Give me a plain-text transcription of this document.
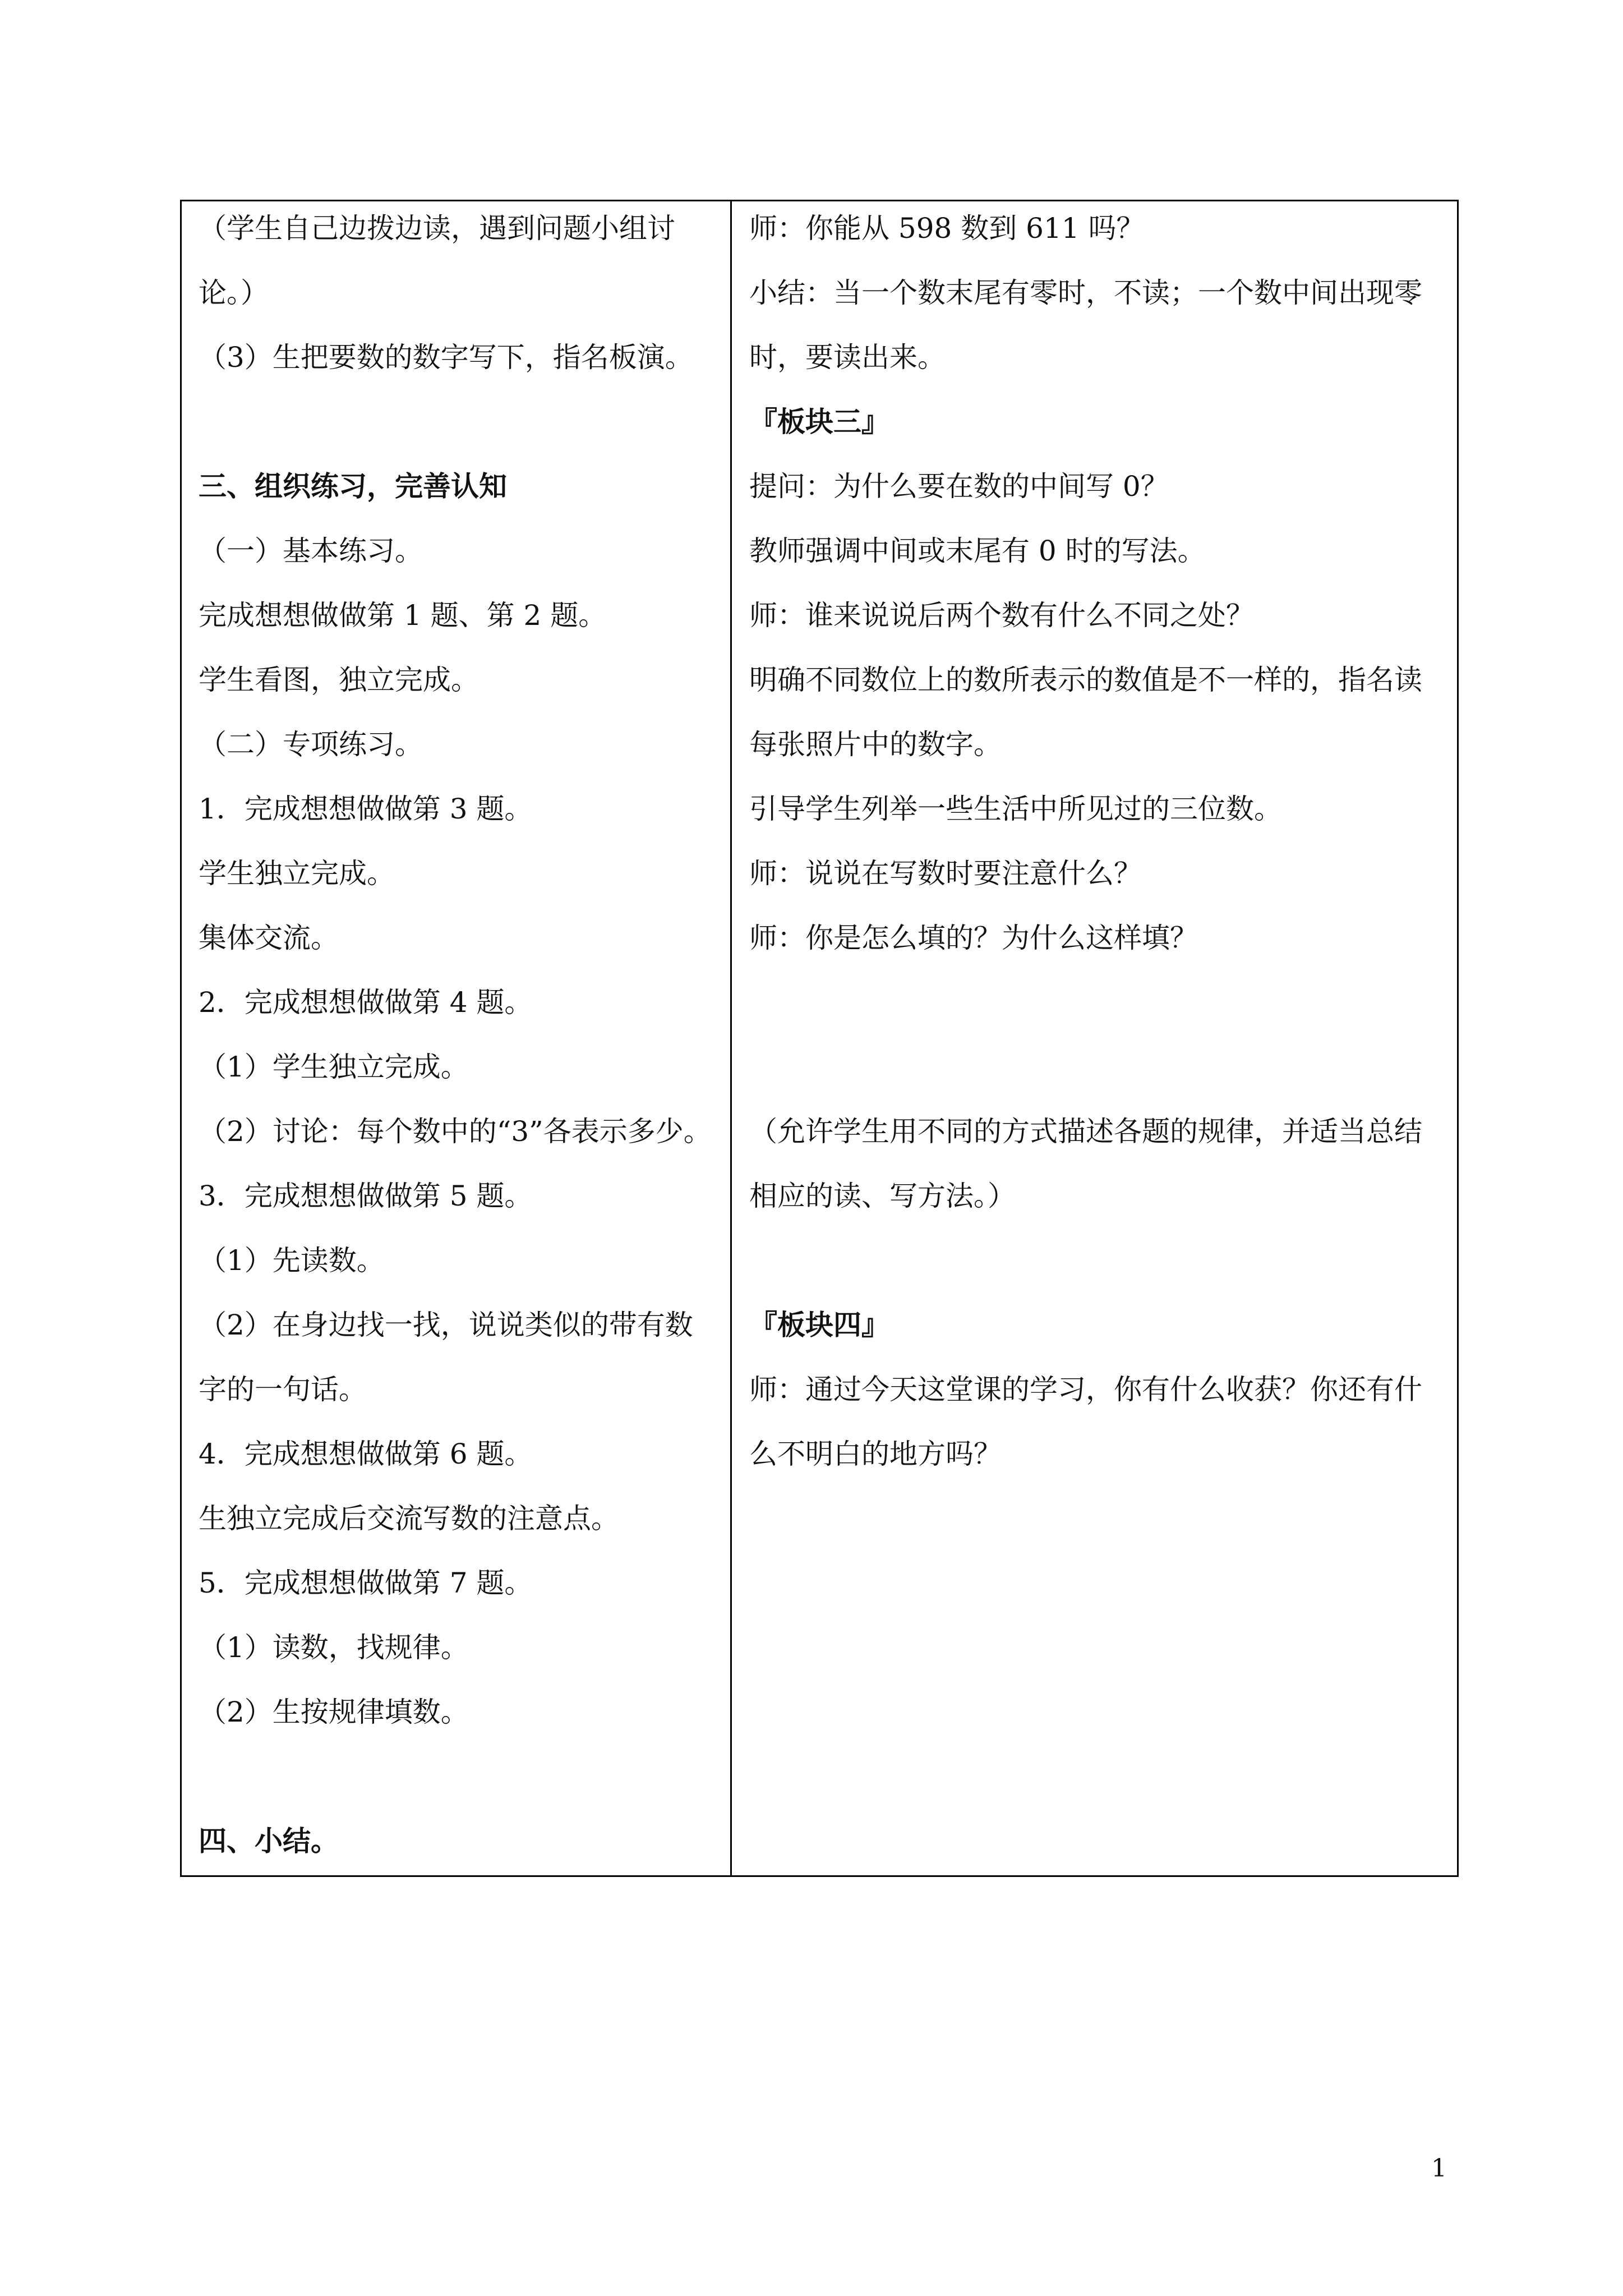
（学生自己边拨边读，遇到问题小组讨
论。）
（3）生把要数的数字写下，指名板演。
三、组织练习，完善认知
（一）基本练习。
完成想想做做第 1 题、第 2 题。
学生看图，独立完成。
（二）专项练习。
1．完成想想做做第 3 题。
学生独立完成。
集体交流。
2．完成想想做做第 4 题。
（1）学生独立完成。
（2）讨论：每个数中的“3”各表示多少。
3．完成想想做做第 5 题。
（1）先读数。
（2）在身边找一找，说说类似的带有数
字的一句话。
4．完成想想做做第 6 题。
生独立完成后交流写数的注意点。
5．完成想想做做第 7 题。
（1）读数，找规律。
（2）生按规律填数。
四、小结。
师：你能从 598 数到 611 吗？
小结：当一个数末尾有零时，不读；一个数中间出现零
时，要读出来。
『板块三』
提问：为什么要在数的中间写 0？
教师强调中间或末尾有 0 时的写法。
师：谁来说说后两个数有什么不同之处？
明确不同数位上的数所表示的数值是不一样的，指名读
每张照片中的数字。
引导学生列举一些生活中所见过的三位数。
师：说说在写数时要注意什么？
师：你是怎么填的？为什么这样填？
（允许学生用不同的方式描述各题的规律，并适当总结
相应的读、写方法。）
『板块四』
师：通过今天这堂课的学习，你有什么收获？你还有什
么不明白的地方吗？
1
